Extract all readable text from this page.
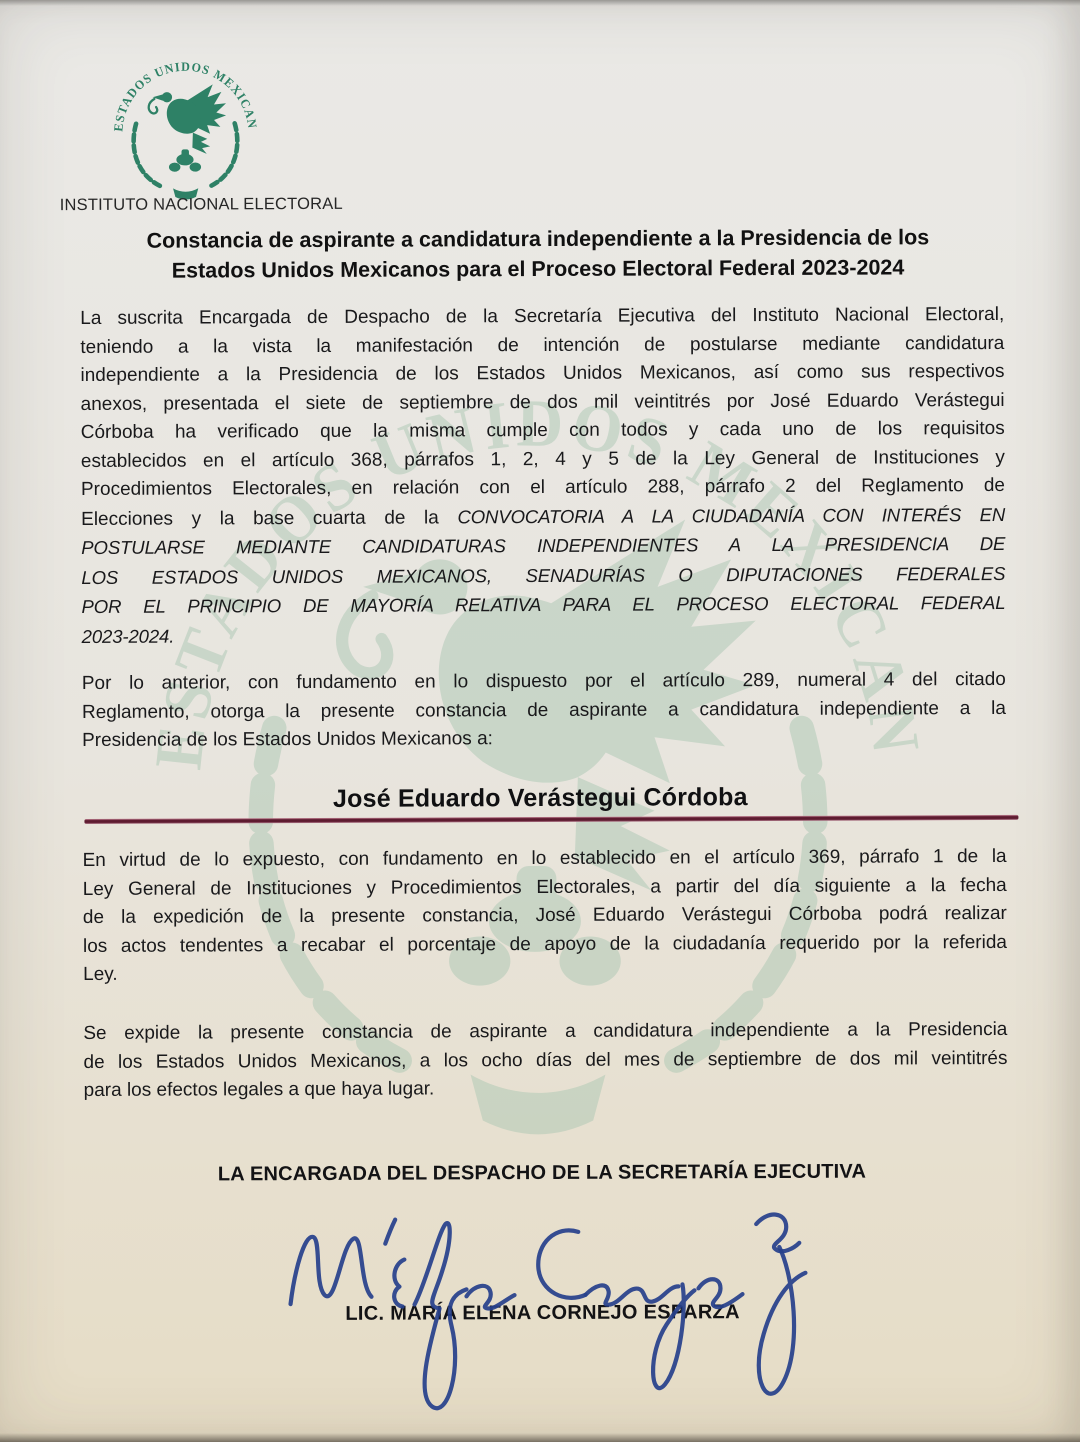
INSTITUTO NACIONAL ELECTORAL
Constancia de aspirante a candidatura independiente a la Presidencia de los
Estados Unidos Mexicanos para el Proceso Electoral Federal 2023-2024
La suscrita Encargada de Despacho de la Secretaría Ejecutiva del Instituto Nacional Electoral,
teniendo a la vista la manifestación de intención de postularse mediante candidatura
independiente a la Presidencia de los Estados Unidos Mexicanos, así como sus respectivos
anexos, presentada el siete de septiembre de dos mil veintitrés por José Eduardo Verástegui
Córboba ha verificado que la misma cumple con todos y cada uno de los requisitos
establecidos en el artículo 368, párrafos 1, 2, 4 y 5 de la Ley General de Instituciones y
Procedimientos Electorales, en relación con el artículo 288, párrafo 2 del Reglamento de
Elecciones y la base cuarta de la CONVOCATORIA A LA CIUDADANÍA CON INTERÉS EN
POSTULARSE MEDIANTE CANDIDATURAS INDEPENDIENTES A LA PRESIDENCIA DE
LOS ESTADOS UNIDOS MEXICANOS, SENADURÍAS O DIPUTACIONES FEDERALES
POR EL PRINCIPIO DE MAYORÍA RELATIVA PARA EL PROCESO ELECTORAL FEDERAL
2023-2024.
Por lo anterior, con fundamento en lo dispuesto por el artículo 289, numeral 4 del citado
Reglamento, otorga la presente constancia de aspirante a candidatura independiente a la
Presidencia de los Estados Unidos Mexicanos a:
José Eduardo Verástegui Córdoba
En virtud de lo expuesto, con fundamento en lo establecido en el artículo 369, párrafo 1 de la
Ley General de Instituciones y Procedimientos Electorales, a partir del día siguiente a la fecha
de la expedición de la presente constancia, José Eduardo Verástegui Córboba podrá realizar
los actos tendentes a recabar el porcentaje de apoyo de la ciudadanía requerido por la referida
Ley.
Se expide la presente constancia de aspirante a candidatura independiente a la Presidencia
de los Estados Unidos Mexicanos, a los ocho días del mes de septiembre de dos mil veintitrés
para los efectos legales a que haya lugar.
LA ENCARGADA DEL DESPACHO DE LA SECRETARÍA EJECUTIVA
LIC. MARÍA ELENA CORNEJO ESPARZA
